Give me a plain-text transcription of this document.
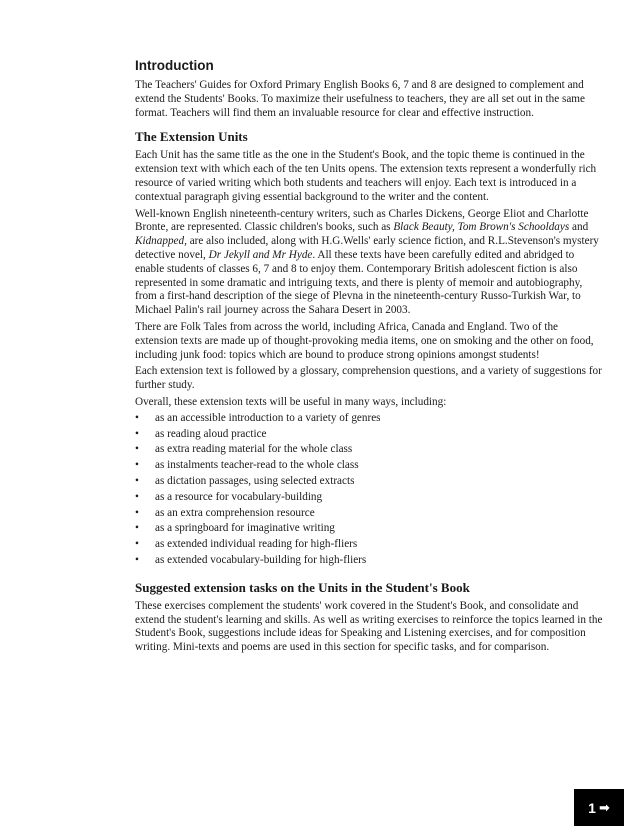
Introduction

The Teachers' Guides for Oxford Primary English Books 6, 7 and 8 are designed to complement and extend the Students' Books. To maximize their usefulness to teachers, they are all set out in the same format. Teachers will find them an invaluable resource for clear and effective instruction.

The Extension Units

Each Unit has the same title as the one in the Student's Book, and the topic theme is continued in the extension text with which each of the ten Units opens. The extension texts represent a wonderfully rich resource of varied writing which both students and teachers will enjoy. Each text is introduced in a contextual paragraph giving essential background to the writer and the content.

Well-known English nineteenth-century writers, such as Charles Dickens, George Eliot and Charlotte Bronte, are represented. Classic children's books, such as Black Beauty, Tom Brown's Schooldays and Kidnapped, are also included, along with H.G.Wells' early science fiction, and R.L.Stevenson's mystery detective novel, Dr Jekyll and Mr Hyde. All these texts have been carefully edited and abridged to enable students of classes 6, 7 and 8 to enjoy them. Contemporary British adolescent fiction is also represented in some dramatic and intriguing texts, and there is plenty of memoir and autobiography, from a first-hand description of the siege of Plevna in the nineteenth-century Russo-Turkish War, to Michael Palin's rail journey across the Sahara Desert in 2003.

There are Folk Tales from across the world, including Africa, Canada and England. Two of the extension texts are made up of thought-provoking media items, one on smoking and the other on food, including junk food: topics which are bound to produce strong opinions amongst students!

Each extension text is followed by a glossary, comprehension questions, and a variety of suggestions for further study.

Overall, these extension texts will be useful in many ways, including:

• as an accessible introduction to a variety of genres
• as reading aloud practice
• as extra reading material for the whole class
• as instalments teacher-read to the whole class
• as dictation passages, using selected extracts
• as a resource for vocabulary-building
• as an extra comprehension resource
• as a springboard for imaginative writing
• as extended individual reading for high-fliers
• as extended vocabulary-building for high-fliers
Suggested extension tasks on the Units in the Student's Book

These exercises complement the students' work covered in the Student's Book, and consolidate and extend the student's learning and skills. As well as writing exercises to reinforce the topics learned in the Student's Book, suggestions include ideas for Speaking and Listening exercises, and for composition writing. Mini-texts and poems are used in this section for specific tasks, and for comparison.

1 ➡
